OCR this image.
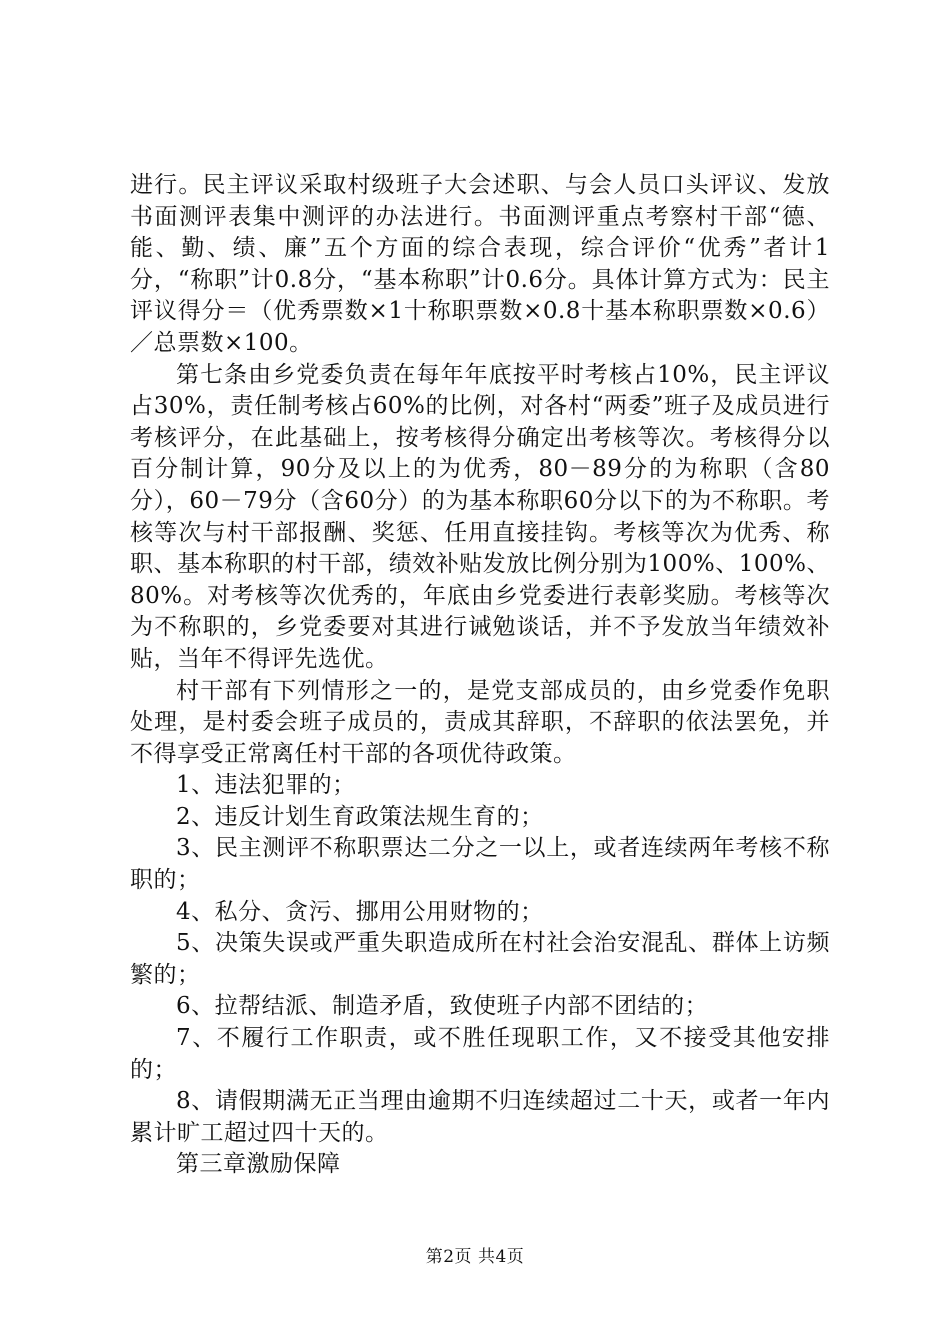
进行。民主评议采取村级班子大会述职、与会人员口头评议、发放书面测评表集中测评的办法进行。书面测评重点考察村干部“德、能、勤、绩、廉”五个方面的综合表现，综合评价“优秀”者计1分，“称职”计0.8分，“基本称职”计0.6分。具体计算方式为：民主评议得分＝（优秀票数×1十称职票数×0.8十基本称职票数×0.6）／总票数×100。

第七条由乡党委负责在每年年底按平时考核占10%，民主评议占30%，责任制考核占60%的比例，对各村“两委”班子及成员进行考核评分，在此基础上，按考核得分确定出考核等次。考核得分以百分制计算，90分及以上的为优秀，80－89分的为称职（含80分），60－79分（含60分）的为基本称职60分以下的为不称职。考核等次与村干部报酬、奖惩、任用直接挂钩。考核等次为优秀、称职、基本称职的村干部，绩效补贴发放比例分别为100%、100%、80%。对考核等次优秀的，年底由乡党委进行表彰奖励。考核等次为不称职的，乡党委要对其进行诫勉谈话，并不予发放当年绩效补贴，当年不得评先选优。

村干部有下列情形之一的，是党支部成员的，由乡党委作免职处理，是村委会班子成员的，责成其辞职，不辞职的依法罢免，并不得享受正常离任村干部的各项优待政策。

1、违法犯罪的；

2、违反计划生育政策法规生育的；

3、民主测评不称职票达二分之一以上，或者连续两年考核不称职的；

4、私分、贪污、挪用公用财物的；

5、决策失误或严重失职造成所在村社会治安混乱、群体上访频繁的；

6、拉帮结派、制造矛盾，致使班子内部不团结的；

7、不履行工作职责，或不胜任现职工作，又不接受其他安排的；

8、请假期满无正当理由逾期不归连续超过二十天，或者一年内累计旷工超过四十天的。

第三章激励保障

第2页 共4页
